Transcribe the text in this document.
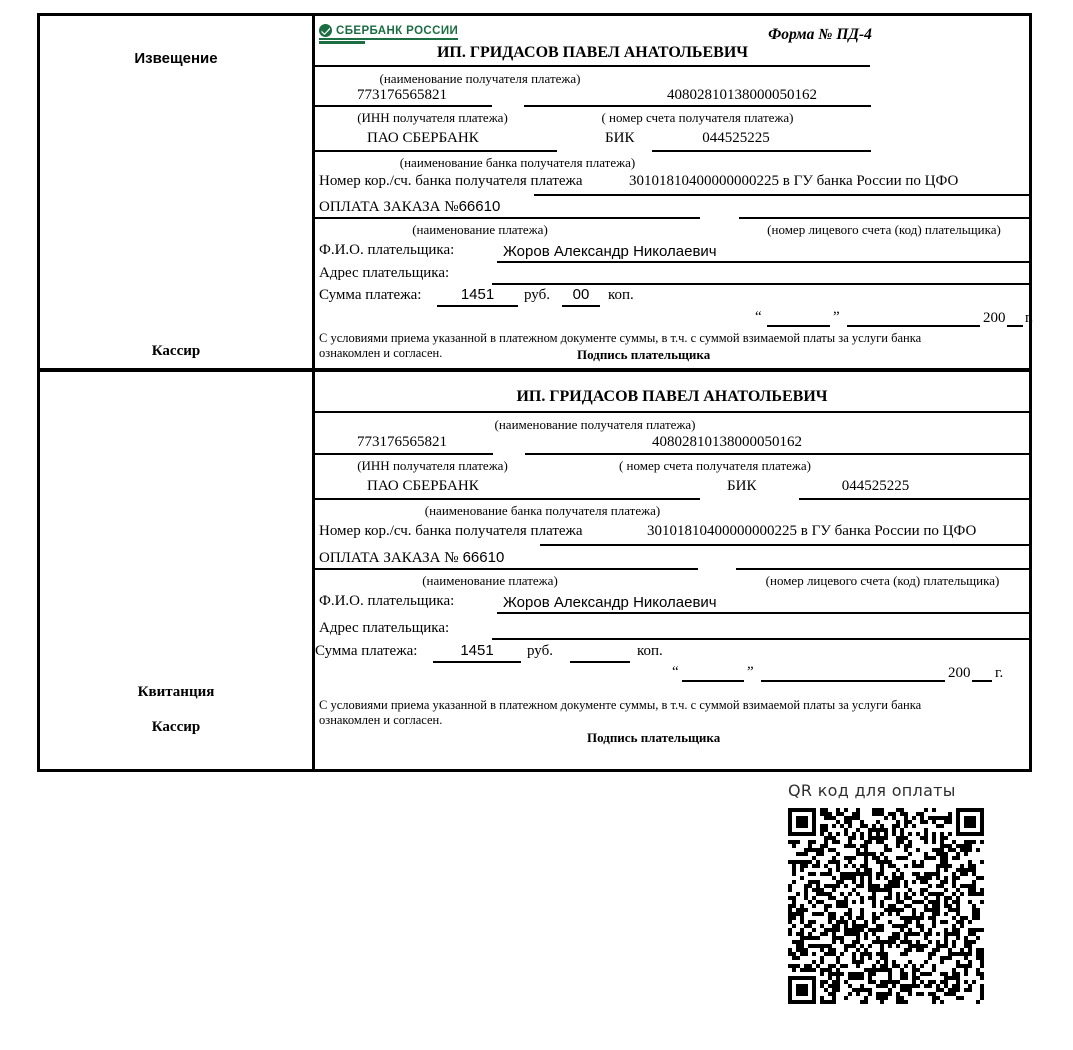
Извещение
Кассир
СБЕРБАНК РОССИИ	Форма № ПД-4
ИП. ГРИДАСОВ ПАВЕЛ АНАТОЛЬЕВИЧ
(наименование получателя платежа)
773176565821	40802810138000050162
(ИНН получателя платежа)	( номер счета получателя платежа)
ПАО СБЕРБАНК	БИК	044525225
(наименование банка получателя платежа)
Номер кор./сч. банка получателя платежа	30101810400000000225 в ГУ банка России по ЦФО
ОПЛАТА ЗАКАЗА №66610
(наименование платежа)	(номер лицевого счета (код) плательщика)
Ф.И.О. плательщика:	Жоров Александр Николаевич
Адрес плательщика:
Сумма платежа:	1451	руб.	00	коп.
“	”	200 г.
С условиями приема указанной в платежном документе суммы, в т.ч. с суммой взимаемой платы за услуги банка ознакомлен и согласен.	Подпись плательщика
Квитанция
Кассир
ИП. ГРИДАСОВ ПАВЕЛ АНАТОЛЬЕВИЧ
(наименование получателя платежа)
773176565821	40802810138000050162
(ИНН получателя платежа)	( номер счета получателя платежа)
ПАО СБЕРБАНК	БИК	044525225
(наименование банка получателя платежа)
Номер кор./сч. банка получателя платежа	30101810400000000225 в ГУ банка России по ЦФО
ОПЛАТА ЗАКАЗА № 66610
(наименование платежа)	(номер лицевого счета (код) плательщика)
Ф.И.О. плательщика:	Жоров Александр Николаевич
Адрес плательщика:
Сумма платежа:	1451	руб.	коп.
“	”	200 г.
С условиями приема указанной в платежном документе суммы, в т.ч. с суммой взимаемой платы за услуги банка ознакомлен и согласен.
Подпись плательщика
QR код для оплаты
